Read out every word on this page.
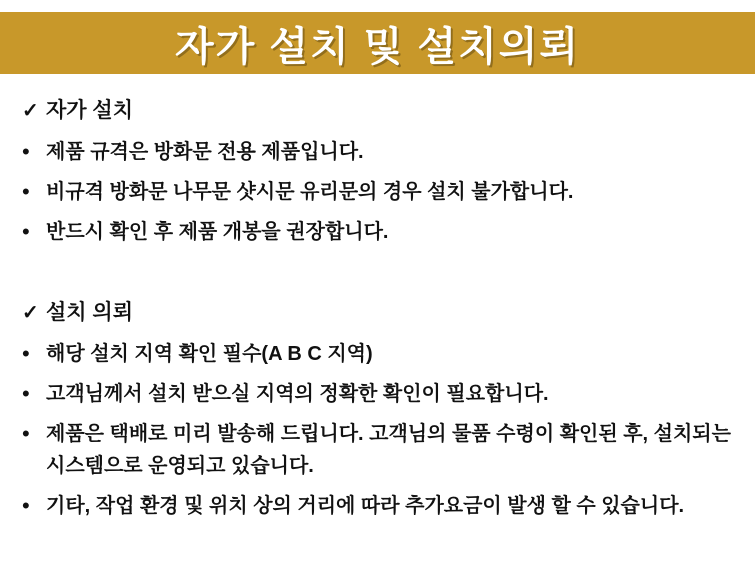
자가 설치 및 설치의뢰
✓ 자가 설치
• 제품 규격은 방화문 전용 제품입니다.
• 비규격 방화문 나무문 샷시문 유리문의 경우 설치 불가합니다.
• 반드시 확인 후 제품 개봉을 권장합니다.
✓ 설치 의뢰
• 해당 설치 지역 확인 필수(A B C 지역)
• 고객님께서 설치 받으실 지역의 정확한 확인이 필요합니다.
• 제품은 택배로 미리 발송해 드립니다. 고객님의 물품 수령이 확인된 후, 설치되는 시스템으로 운영되고 있습니다.
• 기타, 작업 환경 및 위치 상의 거리에 따라 추가요금이 발생 할 수 있습니다.
